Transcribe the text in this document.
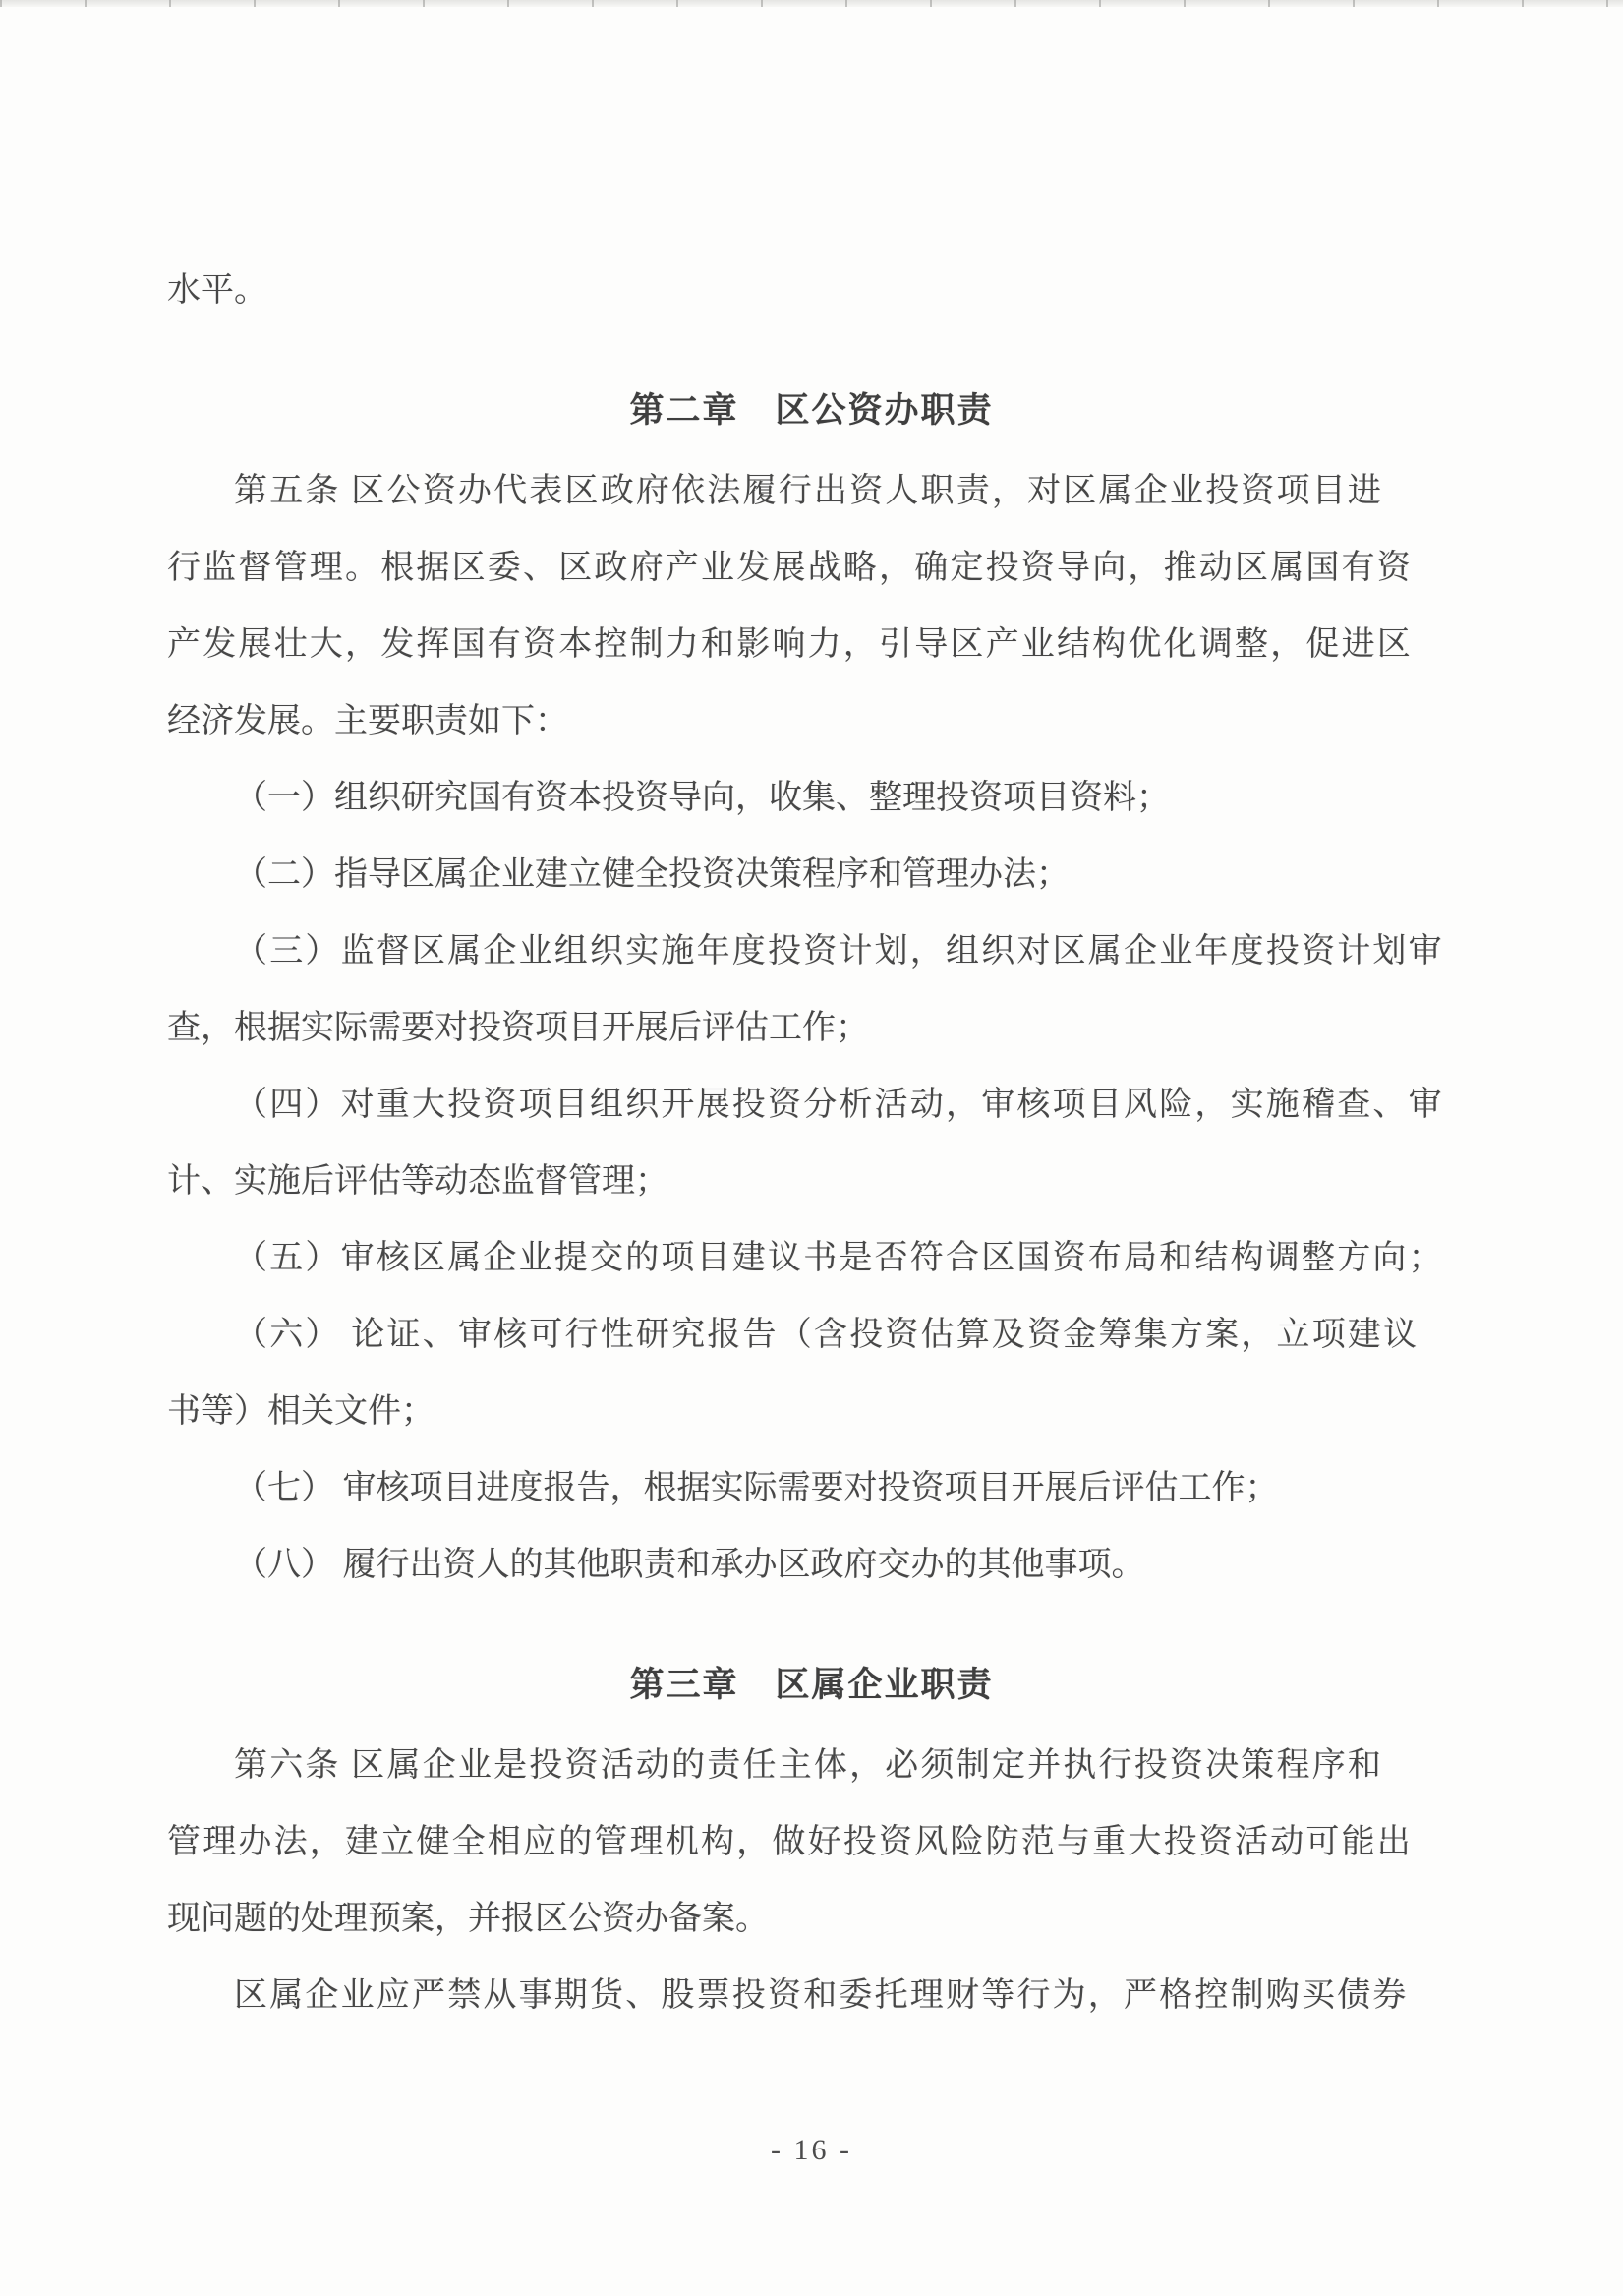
水平。
第二章　区公资办职责
第五条 区公资办代表区政府依法履行出资人职责，对区属企业投资项目进
行监督管理。根据区委、区政府产业发展战略，确定投资导向，推动区属国有资
产发展壮大，发挥国有资本控制力和影响力，引导区产业结构优化调整，促进区
经济发展。主要职责如下：
（一）组织研究国有资本投资导向，收集、整理投资项目资料；
（二）指导区属企业建立健全投资决策程序和管理办法；
（三）监督区属企业组织实施年度投资计划，组织对区属企业年度投资计划审
查，根据实际需要对投资项目开展后评估工作；
（四）对重大投资项目组织开展投资分析活动，审核项目风险，实施稽查、审
计、实施后评估等动态监督管理；
（五）审核区属企业提交的项目建议书是否符合区国资布局和结构调整方向；
（六） 论证、审核可行性研究报告（含投资估算及资金筹集方案，立项建议
书等）相关文件；
（七） 审核项目进度报告，根据实际需要对投资项目开展后评估工作；
（八） 履行出资人的其他职责和承办区政府交办的其他事项。
第三章　区属企业职责
第六条 区属企业是投资活动的责任主体，必须制定并执行投资决策程序和
管理办法，建立健全相应的管理机构，做好投资风险防范与重大投资活动可能出
现问题的处理预案，并报区公资办备案。
区属企业应严禁从事期货、股票投资和委托理财等行为，严格控制购买债券
- 16 -
